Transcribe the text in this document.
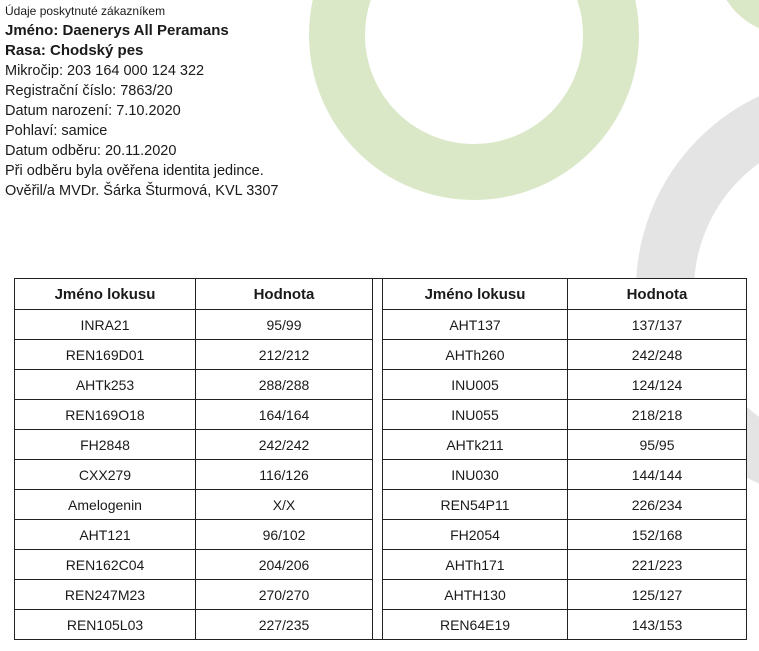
Údaje poskytnuté zákazníkem
Jméno: Daenerys All Peramans
Rasa: Chodský pes
Mikročip: 203 164 000 124 322
Registrační číslo: 7863/20
Datum narození: 7.10.2020
Pohlaví: samice
Datum odběru: 20.11.2020
Při odběru byla ověřena identita jedince.
Ověřil/a MVDr. Šárka Šturmová, KVL 3307
Jméno lokusu	Hodnota		Jméno lokusu	Hodnota
INRA21	95/99		AHT137	137/137
REN169D01	212/212		AHTh260	242/248
AHTk253	288/288		INU005	124/124
REN169O18	164/164		INU055	218/218
FH2848	242/242		AHTk211	95/95
CXX279	116/126		INU030	144/144
Amelogenin	X/X		REN54P11	226/234
AHT121	96/102		FH2054	152/168
REN162C04	204/206		AHTh171	221/223
REN247M23	270/270		AHTH130	125/127
REN105L03	227/235		REN64E19	143/153
